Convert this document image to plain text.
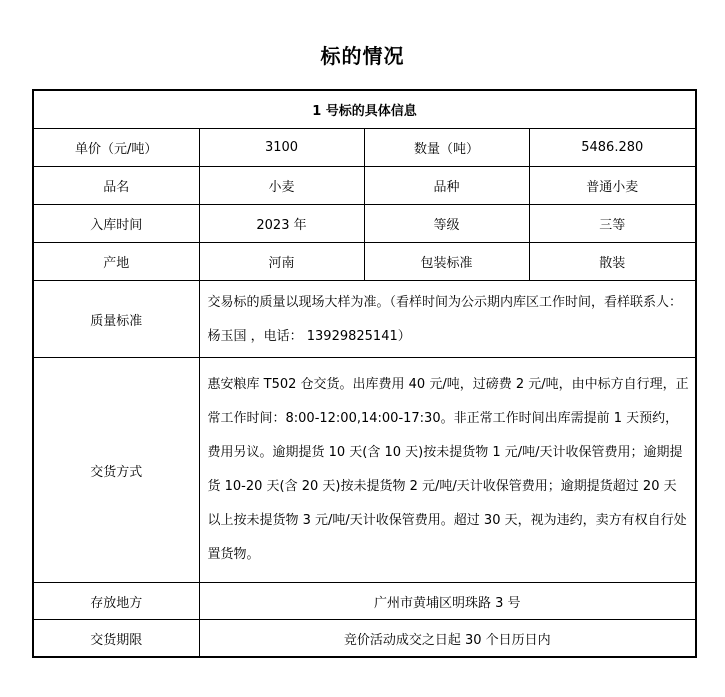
标的情况
1 号标的具体信息			
单价（元/吨）	3100	数量（吨）	5486.280
品名	小麦	品种	普通小麦
入库时间	2023 年	等级	三等
产地	河南	包装标准	散装
质量标准	交易标的质量以现场大样为准。（看样时间为公示期内库区工作时间，看样联系人：杨玉国 ，电话： 13929825141）		
交货方式	惠安粮库 T502 仓交货。出库费用 40 元/吨，过磅费 2 元/吨，由中标方自行理，正常工作时间：8:00-12:00,14:00-17:30。非正常工作时间出库需提前 1 天预约，费用另议。逾期提货 10 天(含 10 天)按未提货物 1 元/吨/天计收保管费用；逾期提货 10-20 天(含 20 天)按未提货物 2 元/吨/天计收保管费用；逾期提货超过 20 天以上按未提货物 3 元/吨/天计收保管费用。超过 30 天，视为违约，卖方有权自行处置货物。		
存放地方	广州市黄埔区明珠路 3 号		
交货期限	竞价活动成交之日起 30 个日历日内		
